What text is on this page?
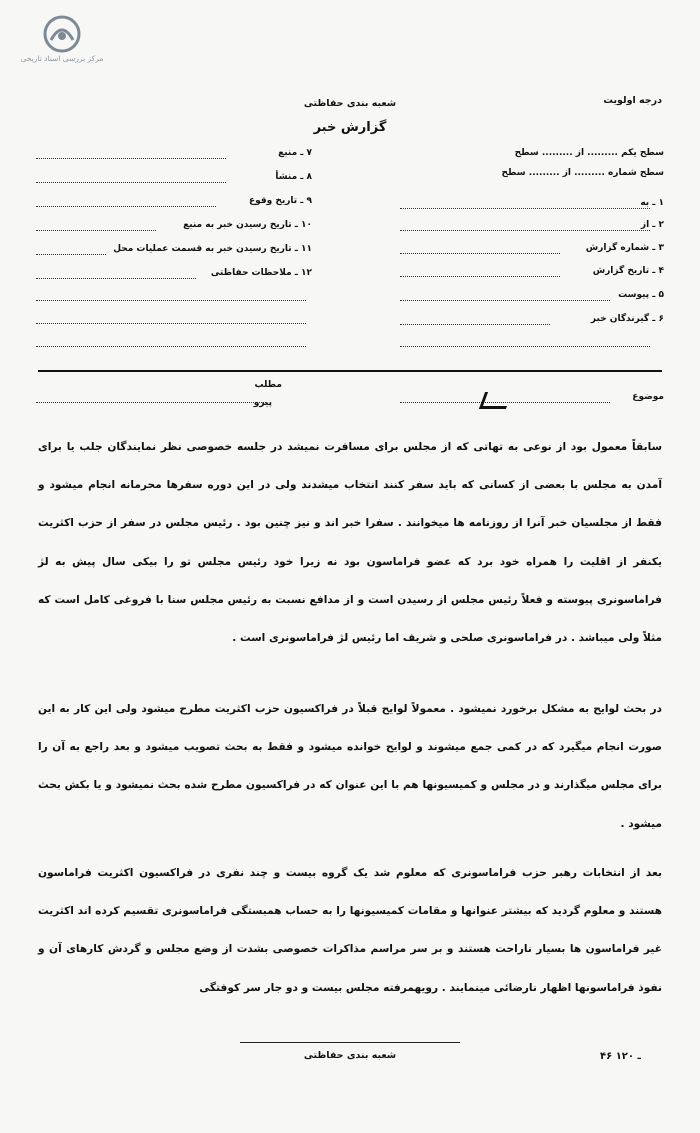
مرکز بررسی اسناد تاریخی
درجه اولویت
شعبه بندی حفاظتی
گزارش خبر
سطح یکم ......... از ......... سطح
سطح شماره ......... از ......... سطح
۱ ـ به
۲ ـ از
۳ ـ شماره گزارش
۴ ـ تاریخ گزارش
۵ ـ پیوست
۶ ـ گیرندگان خبر
۷ ـ منبع
۸ ـ منشأ
۹ ـ تاریخ وقوع
۱۰ ـ تاریخ رسیدن خبر به منبع
۱۱ ـ تاریخ رسیدن خبر به قسمت عملیات محل
۱۲ ـ ملاحظات حفاظتی
موضوع
مطلب
پیرو
سابقاً معمول بود از نوعی به تهاتی که از مجلس برای مسافرت نمیشد در جلسه خصوصی نظر نمایندگان جلب یا برای آمدن به مجلس با بعضی از کسانی که باید سفر کنند انتخاب میشدند ولی در این دوره سفرها محرمانه انجام میشود و فقط از مجلسیان خبر آنرا از روزنامه ها میخوانند . سفرا خبر اند و نیز چنین بود . رئیس مجلس در سفر از حزب اکثریت یکنفر از اقلیت را همراه خود برد که عضو فراماسون بود نه زیرا خود رئیس مجلس تو را بیکی سال پیش به لژ فراماسونری پیوسته و فعلاً رئیس مجلس از رسیدن است و از مدافع نسبت به رئیس مجلس سنا با فروغی کامل است که مثلاً ولی میباشد . در فراماسونری صلحی و شریف اما رئیس لژ فراماسونری است .
در بحث لوایح به مشکل برخورد نمیشود . معمولاً لوایح قبلاً در فراکسیون حزب اکثریت مطرح میشود ولی این کار به این صورت انجام میگیرد که در کمی جمع میشوند و لوایح خوانده میشود و فقط به بحث تصویب میشود و بعد راجع به آن را برای مجلس میگذارند و در مجلس و کمیسیونها هم با این عنوان که در فراکسیون مطرح شده بحث نمیشود و یا بکش بحث میشود .
بعد از انتخابات رهبر حزب فراماسونری که معلوم شد یک گروه بیست و چند نفری در فراکسیون اکثریت فراماسون هستند و معلوم گردید که بیشتر عنوانها و مقامات کمیسیونها را به حساب همبستگی فراماسونری تقسیم کرده اند اکثریت غیر فراماسون ها بسیار ناراحت هستند و بر سر مراسم مذاکرات خصوصی بشدت از وضع مجلس و گردش کارهای آن و نفوذ فراماسونها اظهار نارضائی مینمایند . رویهمرفته مجلس بیست و دو جار سر کوفتگی
شعبه بندی حفاظتی	۴۶ ـ ۱۲۰
